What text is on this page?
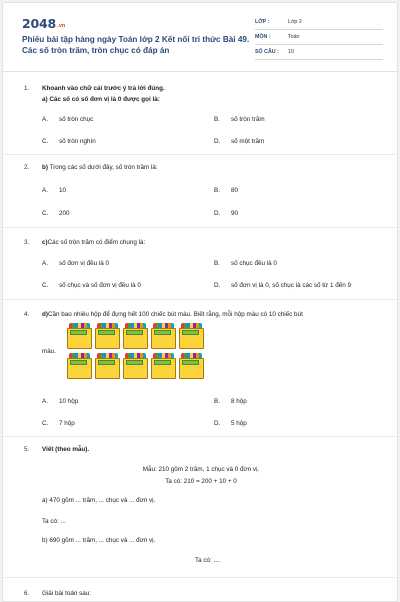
2048.vn
Phiếu bài tập hàng ngày Toán lớp 2 Kết nối tri thức Bài 49. Các số tròn trăm, tròn chục có đáp án
LỚP :	Lớp 2
MÔN :	Toán
SỐ CÂU : 10
1. Khoanh vào chữ cái trước ý trả lời đúng.
a) Các số có số đơn vị là 0 được gọi là:
A. số tròn chục	B. số tròn trăm
C. số tròn nghìn	D. số một trăm
2. b) Trong các số dưới đây, số tròn trăm là:
A. 10	B. 80
C. 200	D. 90
3. c)Các số tròn trăm có điểm chung là:
A. số đơn vị đều là 0	B. số chục đều là 0
C. số chục và số đơn vị đều là 0	D. số đơn vị là 0, số chục là các số từ 1 đến 9
4. d)Cần bao nhiêu hộp để đựng hết 100 chiếc bút màu. Biết rằng, mỗi hộp màu có 10 chiếc bút
màu.
A. 10 hộp	B. 8 hộp
C. 7 hộp	D. 5 hộp
5. Viết (theo mẫu).
Mẫu: 210 gồm 2 trăm, 1 chục và 0 đơn vị.
Ta có: 210 = 200 + 10 + 0
a) 470 gồm ... trăm, ... chục và ... đơn vị.
Ta có: ...
b) 690 gồm ... trăm, ... chục và ... đơn vị.
Ta có: ....
6. Giải bài toán sau:
